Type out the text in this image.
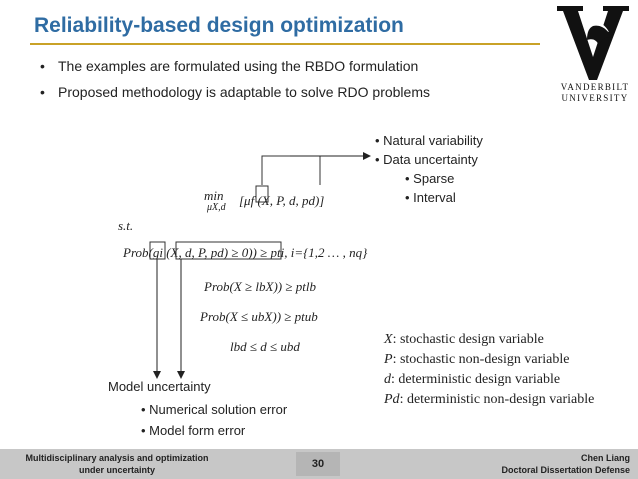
Reliability-based design optimization
VANDERBILT
UNIVERSITY
• The examples are formulated using the RBDO formulation
• Proposed methodology is adaptable to solve RDO problems
• Natural variability
• Data uncertainty
• Sparse
• Interval
min
μX,d [μf (X, P, d, pd)]
s.t.
Prob(gi (X, d, P, pd) ≥ 0)) ≥ pti, i={1,2 … , nq}
Prob(X ≥ lbX)) ≥ ptlb
Prob(X ≤ ubX)) ≥ ptub
lbd ≤ d ≤ ubd
Model uncertainty
• Numerical solution error
• Model form error
X: stochastic design variable
P: stochastic non-design variable
d: deterministic design variable
Pd: deterministic non-design variable
Multidisciplinary analysis and optimization
under uncertainty	30	Chen Liang
Doctoral Dissertation Defense
